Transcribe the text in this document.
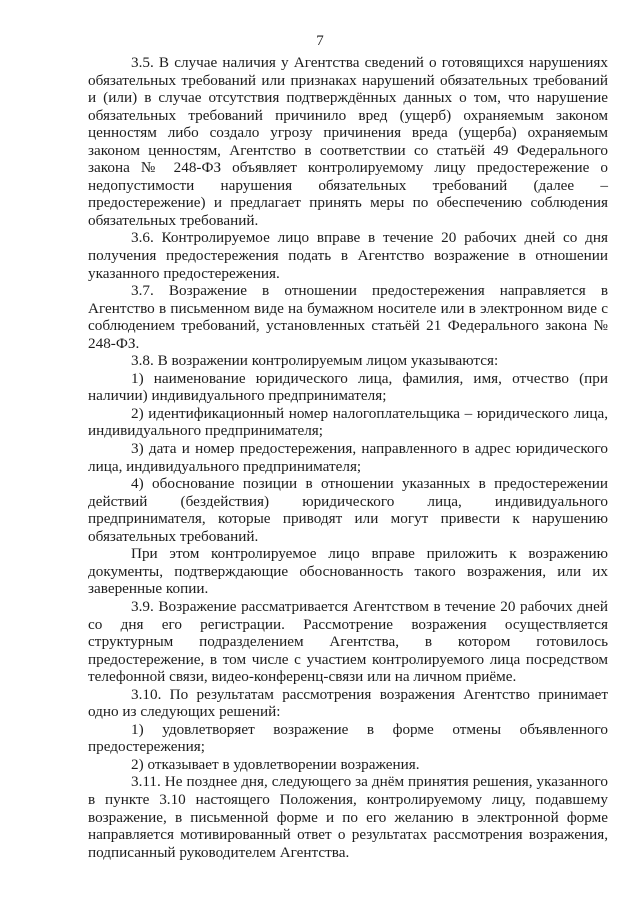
7

3.5. В случае наличия у Агентства сведений о готовящихся нарушениях обязательных требований или признаках нарушений обязательных требований и (или) в случае отсутствия подтверждённых данных о том, что нарушение обязательных требований причинило вред (ущерб) охраняемым законом ценностям либо создало угрозу причинения вреда (ущерба) охраняемым законом ценностям, Агентство в соответствии со статьёй 49 Федерального закона № 248-ФЗ объявляет контролируемому лицу предостережение о недопустимости нарушения обязательных требований (далее – предостережение) и предлагает принять меры по обеспечению соблюдения обязательных требований.

3.6. Контролируемое лицо вправе в течение 20 рабочих дней со дня получения предостережения подать в Агентство возражение в отношении указанного предостережения.

3.7. Возражение в отношении предостережения направляется в Агентство в письменном виде на бумажном носителе или в электронном виде с соблюдением требований, установленных статьёй 21 Федерального закона № 248-ФЗ.

3.8. В возражении контролируемым лицом указываются:

1) наименование юридического лица, фамилия, имя, отчество (при наличии) индивидуального предпринимателя;

2) идентификационный номер налогоплательщика – юридического лица, индивидуального предпринимателя;

3) дата и номер предостережения, направленного в адрес юридического лица, индивидуального предпринимателя;

4) обоснование позиции в отношении указанных в предостережении действий (бездействия) юридического лица, индивидуального предпринимателя, которые приводят или могут привести к нарушению обязательных требований.

При этом контролируемое лицо вправе приложить к возражению документы, подтверждающие обоснованность такого возражения, или их заверенные копии.

3.9. Возражение рассматривается Агентством в течение 20 рабочих дней со дня его регистрации. Рассмотрение возражения осуществляется структурным подразделением Агентства, в котором готовилось предостережение, в том числе с участием контролируемого лица посредством телефонной связи, видео-конференц-связи или на личном приёме.

3.10. По результатам рассмотрения возражения Агентство принимает одно из следующих решений:

1) удовлетворяет возражение в форме отмены объявленного предостережения;

2) отказывает в удовлетворении возражения.

3.11. Не позднее дня, следующего за днём принятия решения, указанного в пункте 3.10 настоящего Положения, контролируемому лицу, подавшему возражение, в письменной форме и по его желанию в электронной форме направляется мотивированный ответ о результатах рассмотрения возражения, подписанный руководителем Агентства.
